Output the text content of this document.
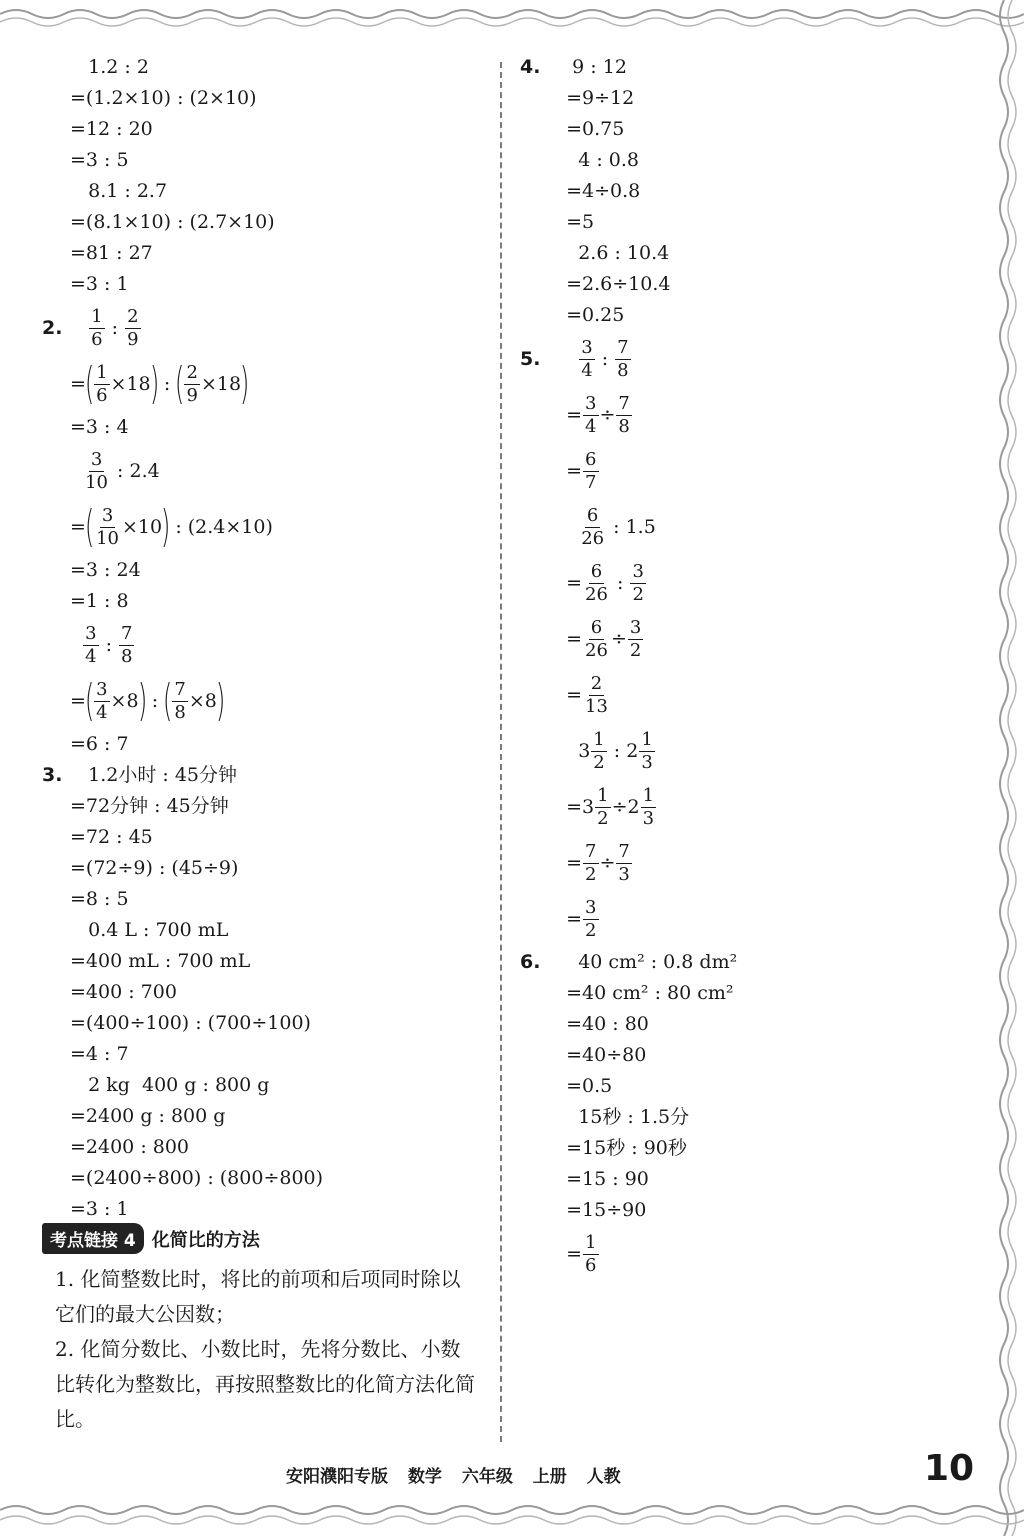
1.2 : 2
=(1.2×10) : (2×10)
=12 : 20
=3 : 5
8.1 : 2.7
=(8.1×10) : (2.7×10)
=81 : 27
=3 : 1
2.
$\frac{1}{6}$ : $\frac{2}{9}$
=
( $\frac{1}{6} \times 18$
)
:
( $\frac{2}{9} \times 18$
)
=3 : 4

$\frac{3}{10}$ : 2.4
=
( $\frac{3}{10} \times 10$
)
: (2.4×10)
=3 : 24
=1 : 8

$\frac{3}{4}$ : $\frac{7}{8}$
=
( $\frac{3}{4} \times 8$
)
:
( $\frac{7}{8} \times 8$
)
=6 : 7
3. 1.2小时 : 45分钟
=72分钟 : 45分钟
=72 : 45
=(72÷9) : (45÷9)
=8 : 5
0.4 L : 700 mL
=400 mL : 700 mL
=400 : 700
=(400÷100) : (700÷100)
=4 : 7
2 kg  400 g : 800 g
=2400 g : 800 g
=2400 : 800
=(2400÷800) : (800÷800)
=3 : 1
4. 9 : 12
=9÷12
=0.75
4 : 0.8
=4÷0.8
=5
2.6 : 10.4
=2.6÷10.4
=0.25
5.
$\frac{3}{4}$ : $\frac{7}{8}$
= $\frac{3}{4} \div \frac{7}{8}$
= $\frac{6}{7}$

$\frac{6}{26}$ : 1.5
= $\frac{6}{26}$ : $\frac{3}{2}$
= $\frac{6}{26} \div \frac{3}{2}$
= $\frac{2}{13}$
$3 \frac{1}{2}$ : $2 \frac{1}{3}$
$=3 \frac{1}{2} \div 2 \frac{1}{3}$
= $\frac{7}{2} \div \frac{7}{3}$
= $\frac{3}{2}$
6. 40 cm² : 0.8 dm²
=40 cm² : 80 cm²
=40 : 80
=40÷80
=0.5
15秒 : 1.5分
=15秒 : 90秒
=15 : 90
=15÷90
= $\frac{1}{6}$
考点链接 4 化简比的方法
1. 化简整数比时，将比的前项和后项同时除以它们的最大公因数；
2. 化简分数比、小数比时，先将分数比、小数比转化为整数比，再按照整数比的化简方法化简比。
安阳濮阳专版 数学 六年级 上册 人教	10
